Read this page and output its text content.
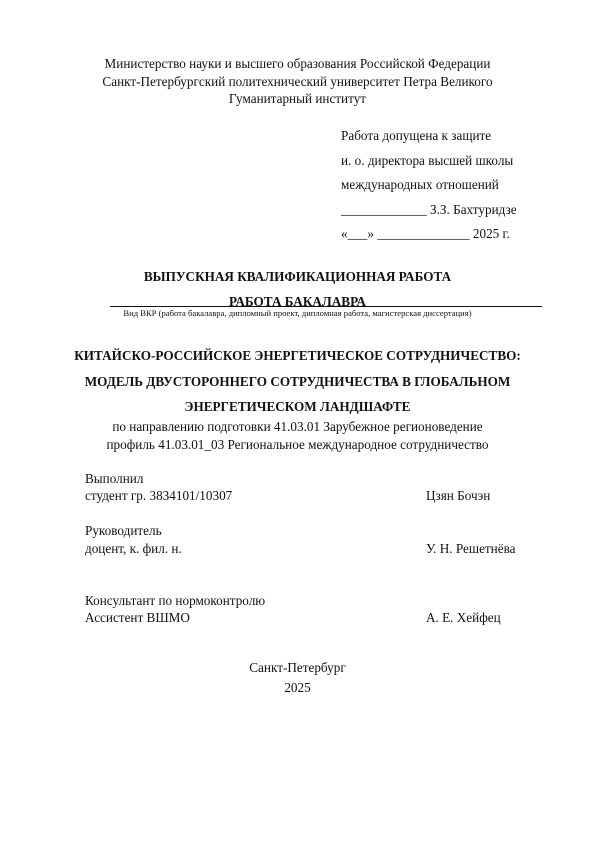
Министерство науки и высшего образования Российской Федерации
Санкт-Петербургский политехнический университет Петра Великого
Гуманитарный институт
Работа допущена к защите
и. о. директора высшей школы
международных отношений
_____________ З.З. Бахтуридзе
«___» ______________ 2025 г.
ВЫПУСКНАЯ КВАЛИФИКАЦИОННАЯ РАБОТА
РАБОТА БАКАЛАВРА
Вид ВКР (работа бакалавра, дипломный проект, дипломная работа, магистерская диссертация)
КИТАЙСКО-РОССИЙСКОЕ ЭНЕРГЕТИЧЕСКОЕ СОТРУДНИЧЕСТВО:
МОДЕЛЬ ДВУСТОРОННЕГО СОТРУДНИЧЕСТВА В ГЛОБАЛЬНОМ
ЭНЕРГЕТИЧЕСКОМ ЛАНДШАФТЕ
по направлению подготовки 41.03.01 Зарубежное регионоведение
профиль 41.03.01_03 Региональное международное сотрудничество
Выполнил
студент гр. 3834101/10307	Цзян Бочэн
Руководитель
доцент, к. фил. н.	У. Н. Решетнёва
Консультант по нормоконтролю
Ассистент ВШМО	А. Е. Хейфец
Санкт-Петербург
2025
